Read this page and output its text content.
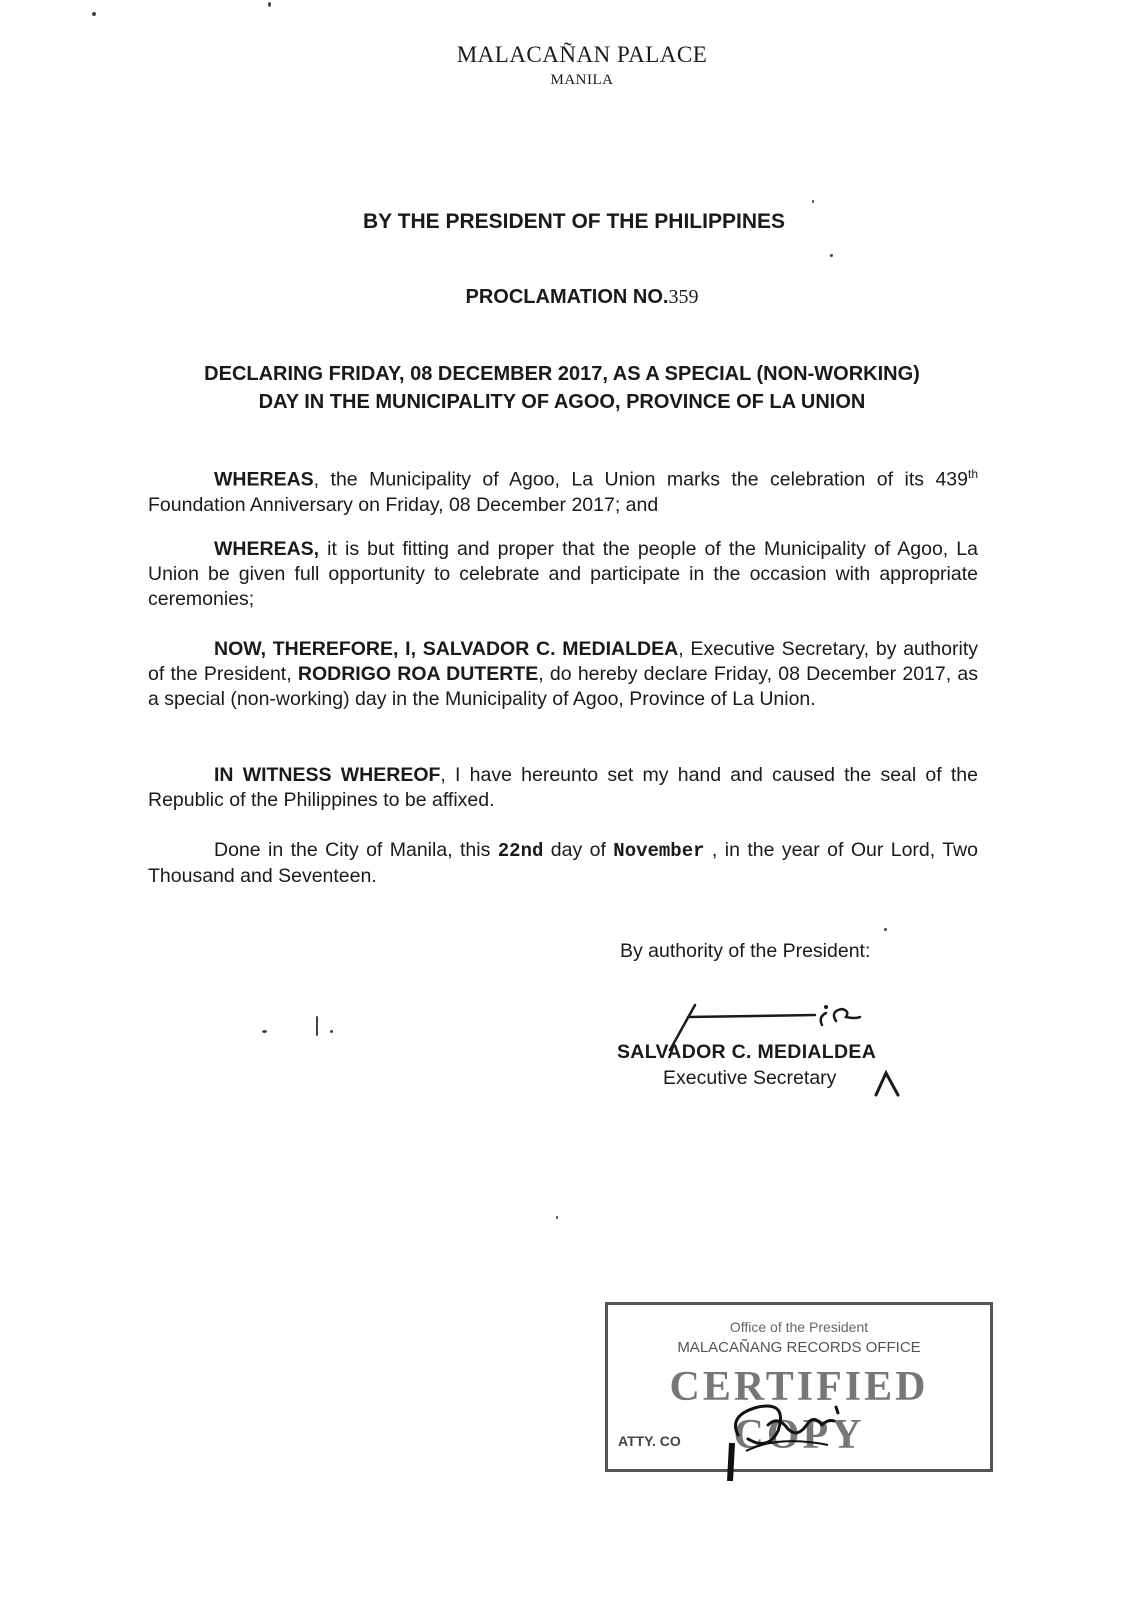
MALACAÑAN PALACE
MANILA
BY THE PRESIDENT OF THE PHILIPPINES
PROCLAMATION NO.359
DECLARING FRIDAY, 08 DECEMBER 2017, AS A SPECIAL (NON-WORKING)
DAY IN THE MUNICIPALITY OF AGOO, PROVINCE OF LA UNION
WHEREAS, the Municipality of Agoo, La Union marks the celebration of its 439th Foundation Anniversary on Friday, 08 December 2017; and
WHEREAS, it is but fitting and proper that the people of the Municipality of Agoo, La Union be given full opportunity to celebrate and participate in the occasion with appropriate ceremonies;
NOW, THEREFORE, I, SALVADOR C. MEDIALDEA, Executive Secretary, by authority of the President, RODRIGO ROA DUTERTE, do hereby declare Friday, 08 December 2017, as a special (non-working) day in the Municipality of Agoo, Province of La Union.
IN WITNESS WHEREOF, I have hereunto set my hand and caused the seal of the Republic of the Philippines to be affixed.
Done in the City of Manila, this 22nd day of November , in the year of Our Lord, Two Thousand and Seventeen.
By authority of the President:
SALVADOR C. MEDIALDEA
Executive Secretary
Office of the President
MALACAÑANG RECORDS OFFICE
CERTIFIED COPY
ATTY. CO
